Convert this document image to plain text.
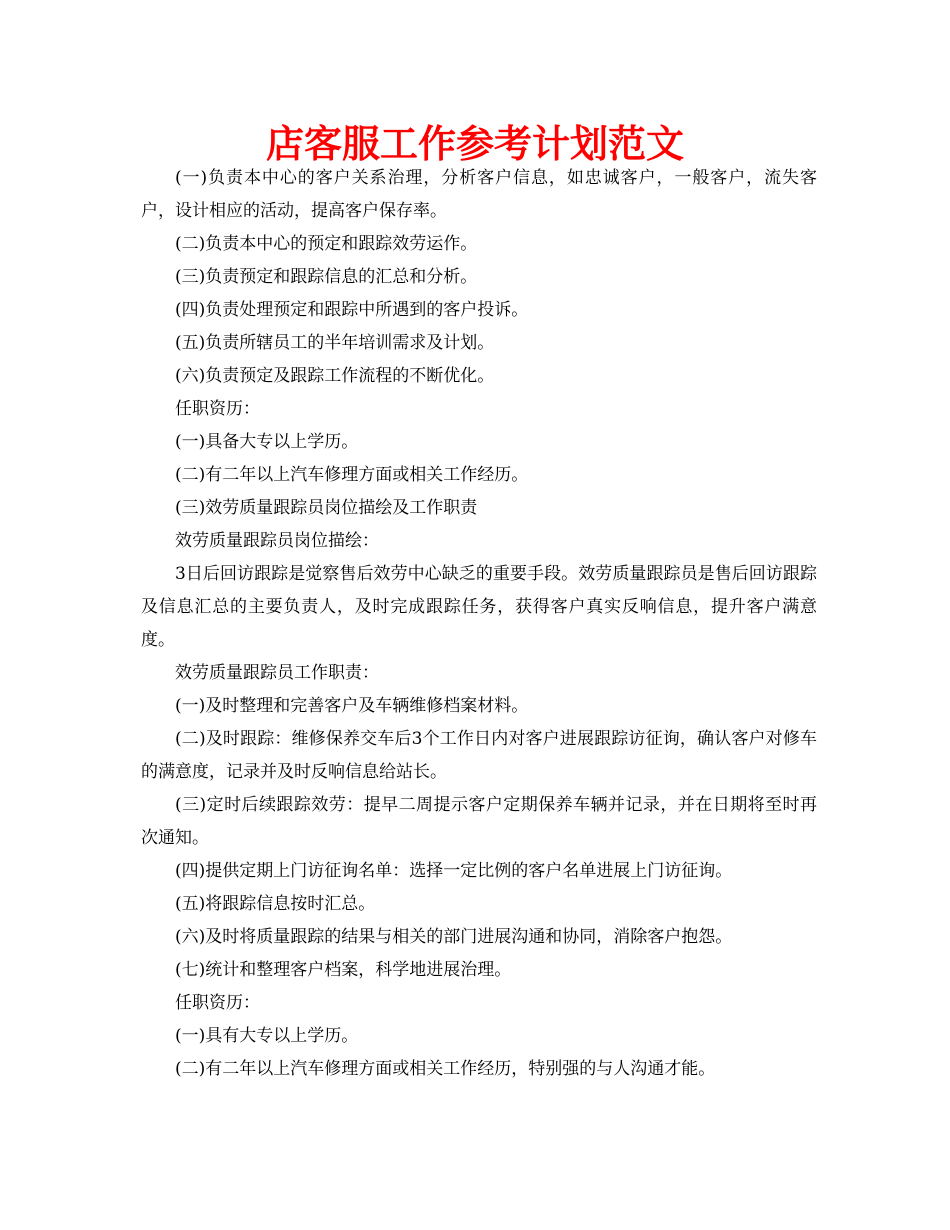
店客服工作参考计划范文

(一)负责本中心的客户关系治理，分析客户信息，如忠诚客户，一般客户，流失客户，设计相应的活动，提高客户保存率。

(二)负责本中心的预定和跟踪效劳运作。

(三)负责预定和跟踪信息的汇总和分析。

(四)负责处理预定和跟踪中所遇到的客户投诉。

(五)负责所辖员工的半年培训需求及计划。

(六)负责预定及跟踪工作流程的不断优化。

任职资历：

(一)具备大专以上学历。

(二)有二年以上汽车修理方面或相关工作经历。

(三)效劳质量跟踪员岗位描绘及工作职责

效劳质量跟踪员岗位描绘：

3日后回访跟踪是觉察售后效劳中心缺乏的重要手段。效劳质量跟踪员是售后回访跟踪及信息汇总的主要负责人，及时完成跟踪任务，获得客户真实反响信息，提升客户满意度。

效劳质量跟踪员工作职责：

(一)及时整理和完善客户及车辆维修档案材料。

(二)及时跟踪：维修保养交车后3个工作日内对客户进展跟踪访征询，确认客户对修车的满意度，记录并及时反响信息给站长。

(三)定时后续跟踪效劳：提早二周提示客户定期保养车辆并记录，并在日期将至时再次通知。

(四)提供定期上门访征询名单：选择一定比例的客户名单进展上门访征询。

(五)将跟踪信息按时汇总。

(六)及时将质量跟踪的结果与相关的部门进展沟通和协同，消除客户抱怨。

(七)统计和整理客户档案，科学地进展治理。

任职资历：

(一)具有大专以上学历。

(二)有二年以上汽车修理方面或相关工作经历，特别强的与人沟通才能。
